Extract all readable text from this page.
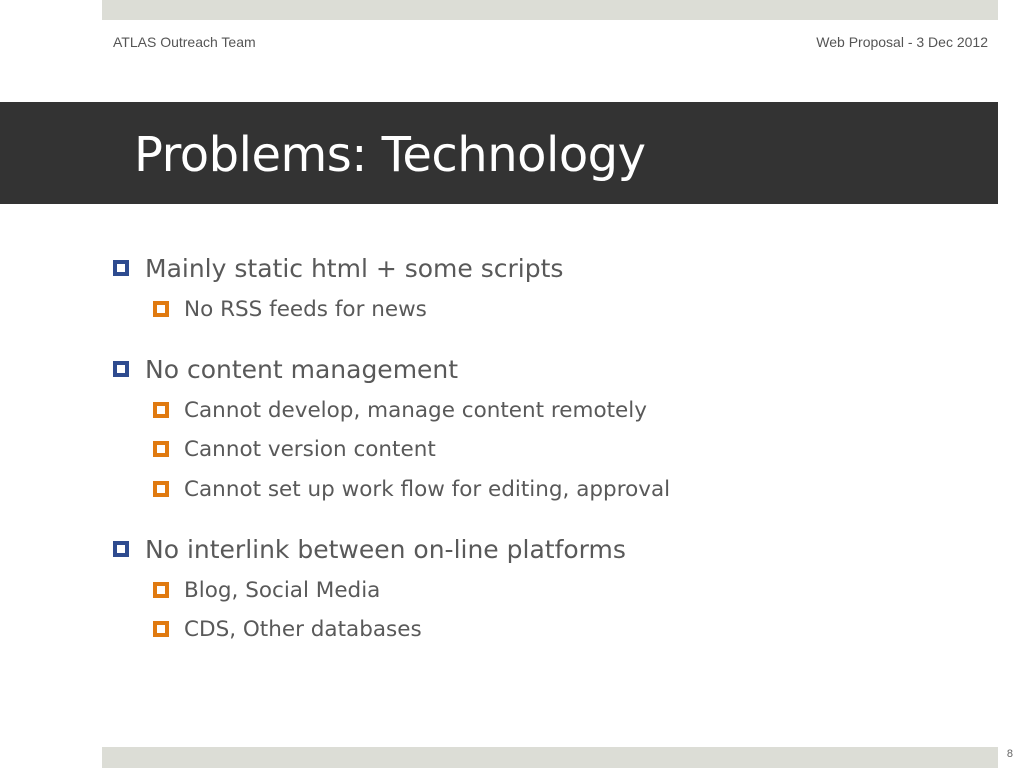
ATLAS Outreach Team	Web Proposal - 3 Dec 2012
Problems: Technology
Mainly static html + some scripts
No RSS feeds for news
No content management
Cannot develop, manage content remotely
Cannot version content
Cannot set up work flow for editing, approval
No interlink between on-line platforms
Blog, Social Media
CDS, Other databases
8
